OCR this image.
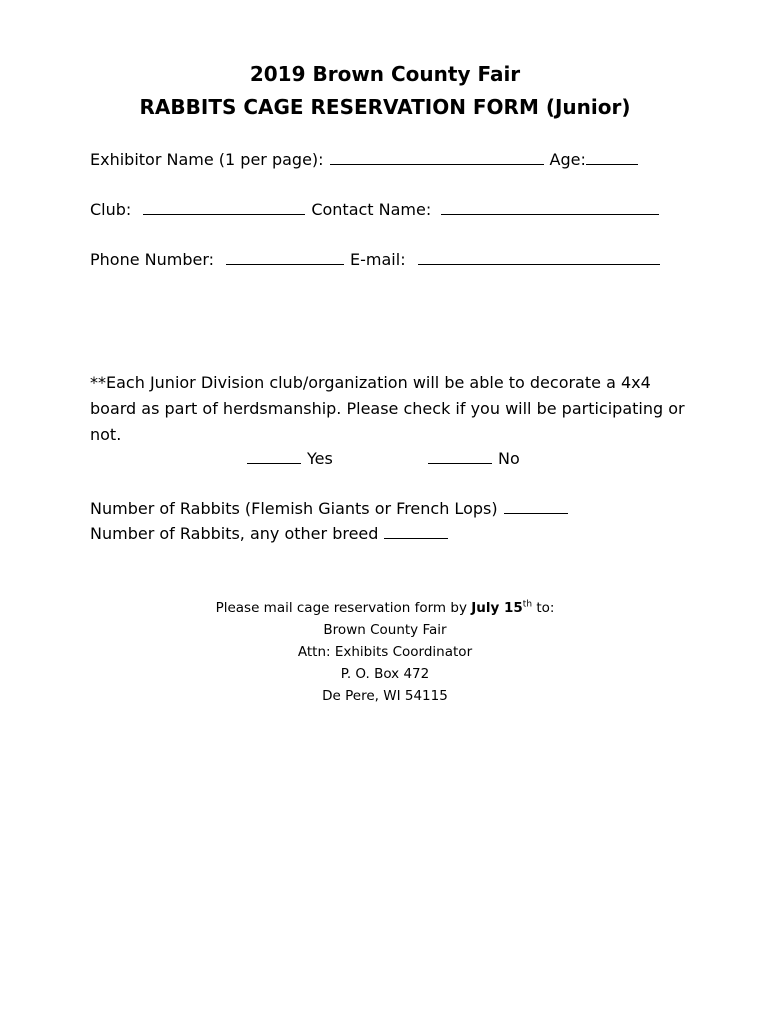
2019 Brown County Fair
RABBITS CAGE RESERVATION FORM (Junior)
Exhibitor Name (1 per page):	Age:
Club:	Contact Name:
Phone Number:	E-mail:
**Each Junior Division club/organization will be able to decorate a 4x4 board as part of herdsmanship. Please check if you will be participating or not.
Yes	No
Number of Rabbits (Flemish Giants or French Lops)
Number of Rabbits, any other breed
Please mail cage reservation form by July 15th to:
Brown County Fair
Attn: Exhibits Coordinator
P. O. Box 472
De Pere, WI 54115
